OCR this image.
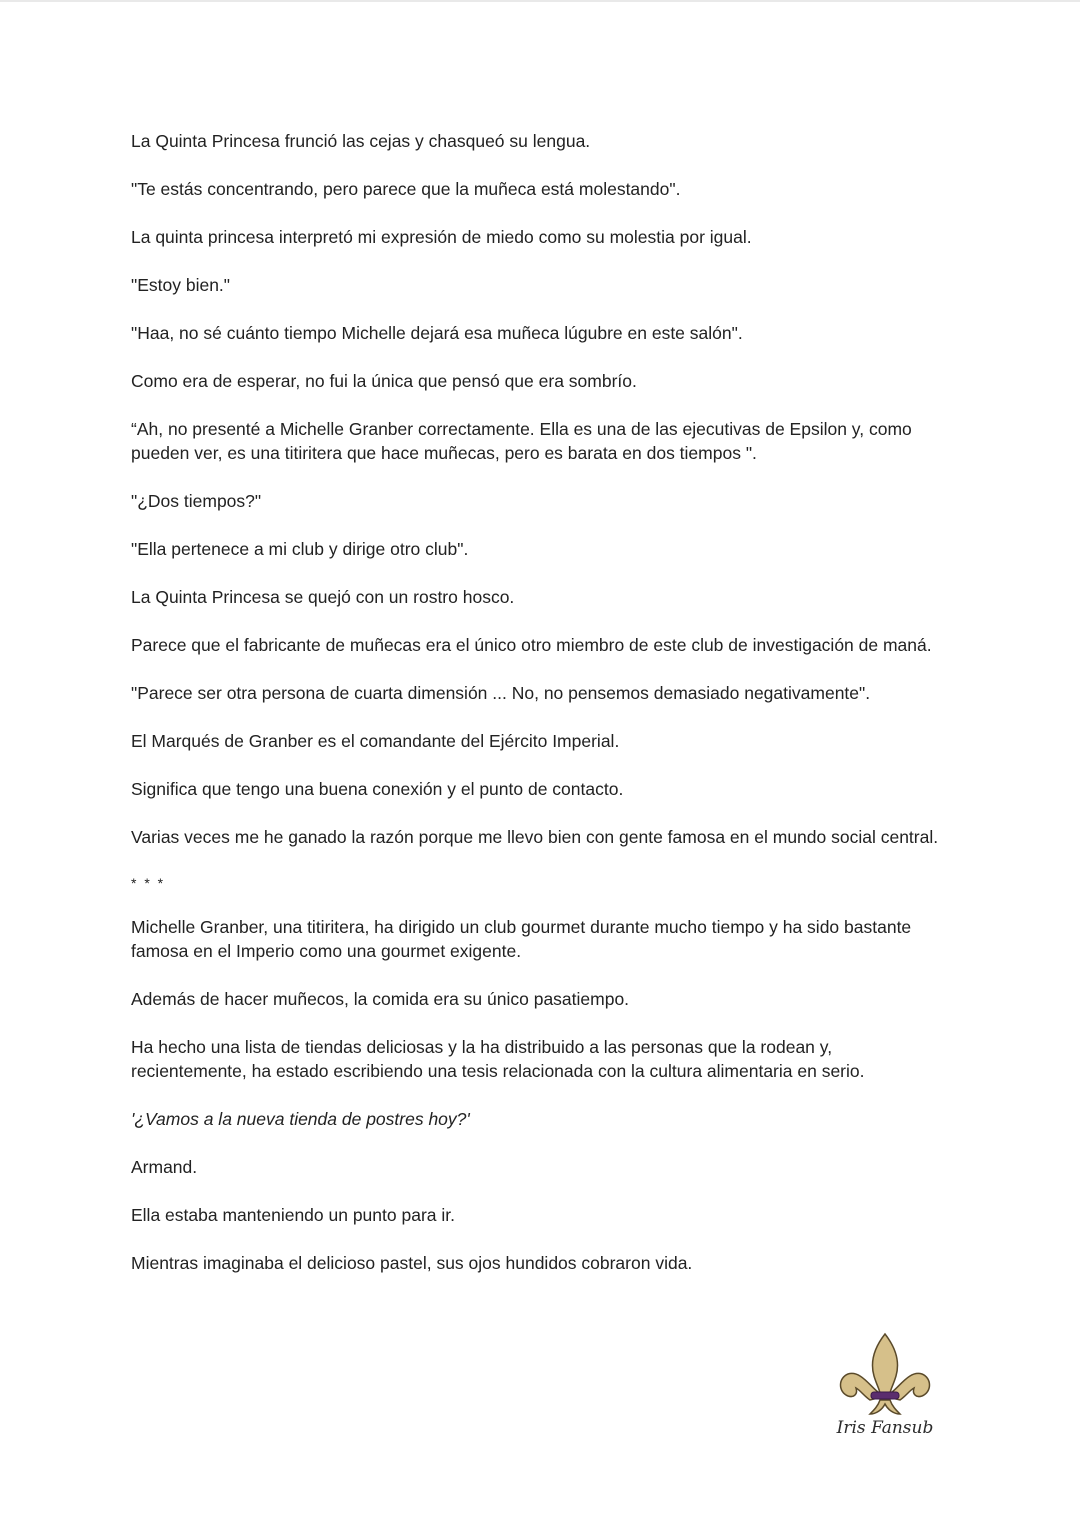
La Quinta Princesa frunció las cejas y chasqueó su lengua.

"Te estás concentrando, pero parece que la muñeca está molestando".

La quinta princesa interpretó mi expresión de miedo como su molestia por igual.

"Estoy bien."

"Haa, no sé cuánto tiempo Michelle dejará esa muñeca lúgubre en este salón".

Como era de esperar, no fui la única que pensó que era sombrío.

“Ah, no presenté a Michelle Granber correctamente. Ella es una de las ejecutivas de Epsilon y, como pueden ver, es una titiritera que hace muñecas, pero es barata en dos tiempos ".

"¿Dos tiempos?"

"Ella pertenece a mi club y dirige otro club".

La Quinta Princesa se quejó con un rostro hosco.

Parece que el fabricante de muñecas era el único otro miembro de este club de investigación de maná.

"Parece ser otra persona de cuarta dimensión ... No, no pensemos demasiado negativamente".

El Marqués de Granber es el comandante del Ejército Imperial.

Significa que tengo una buena conexión y el punto de contacto.

Varias veces me he ganado la razón porque me llevo bien con gente famosa en el mundo social central.

* * *

Michelle Granber, una titiritera, ha dirigido un club gourmet durante mucho tiempo y ha sido bastante famosa en el Imperio como una gourmet exigente.

Además de hacer muñecos, la comida era su único pasatiempo.

Ha hecho una lista de tiendas deliciosas y la ha distribuido a las personas que la rodean y, recientemente, ha estado escribiendo una tesis relacionada con la cultura alimentaria en serio.

'¿Vamos a la nueva tienda de postres hoy?'

Armand.

Ella estaba manteniendo un punto para ir.

Mientras imaginaba el delicioso pastel, sus ojos hundidos cobraron vida.

Iris Fansub
